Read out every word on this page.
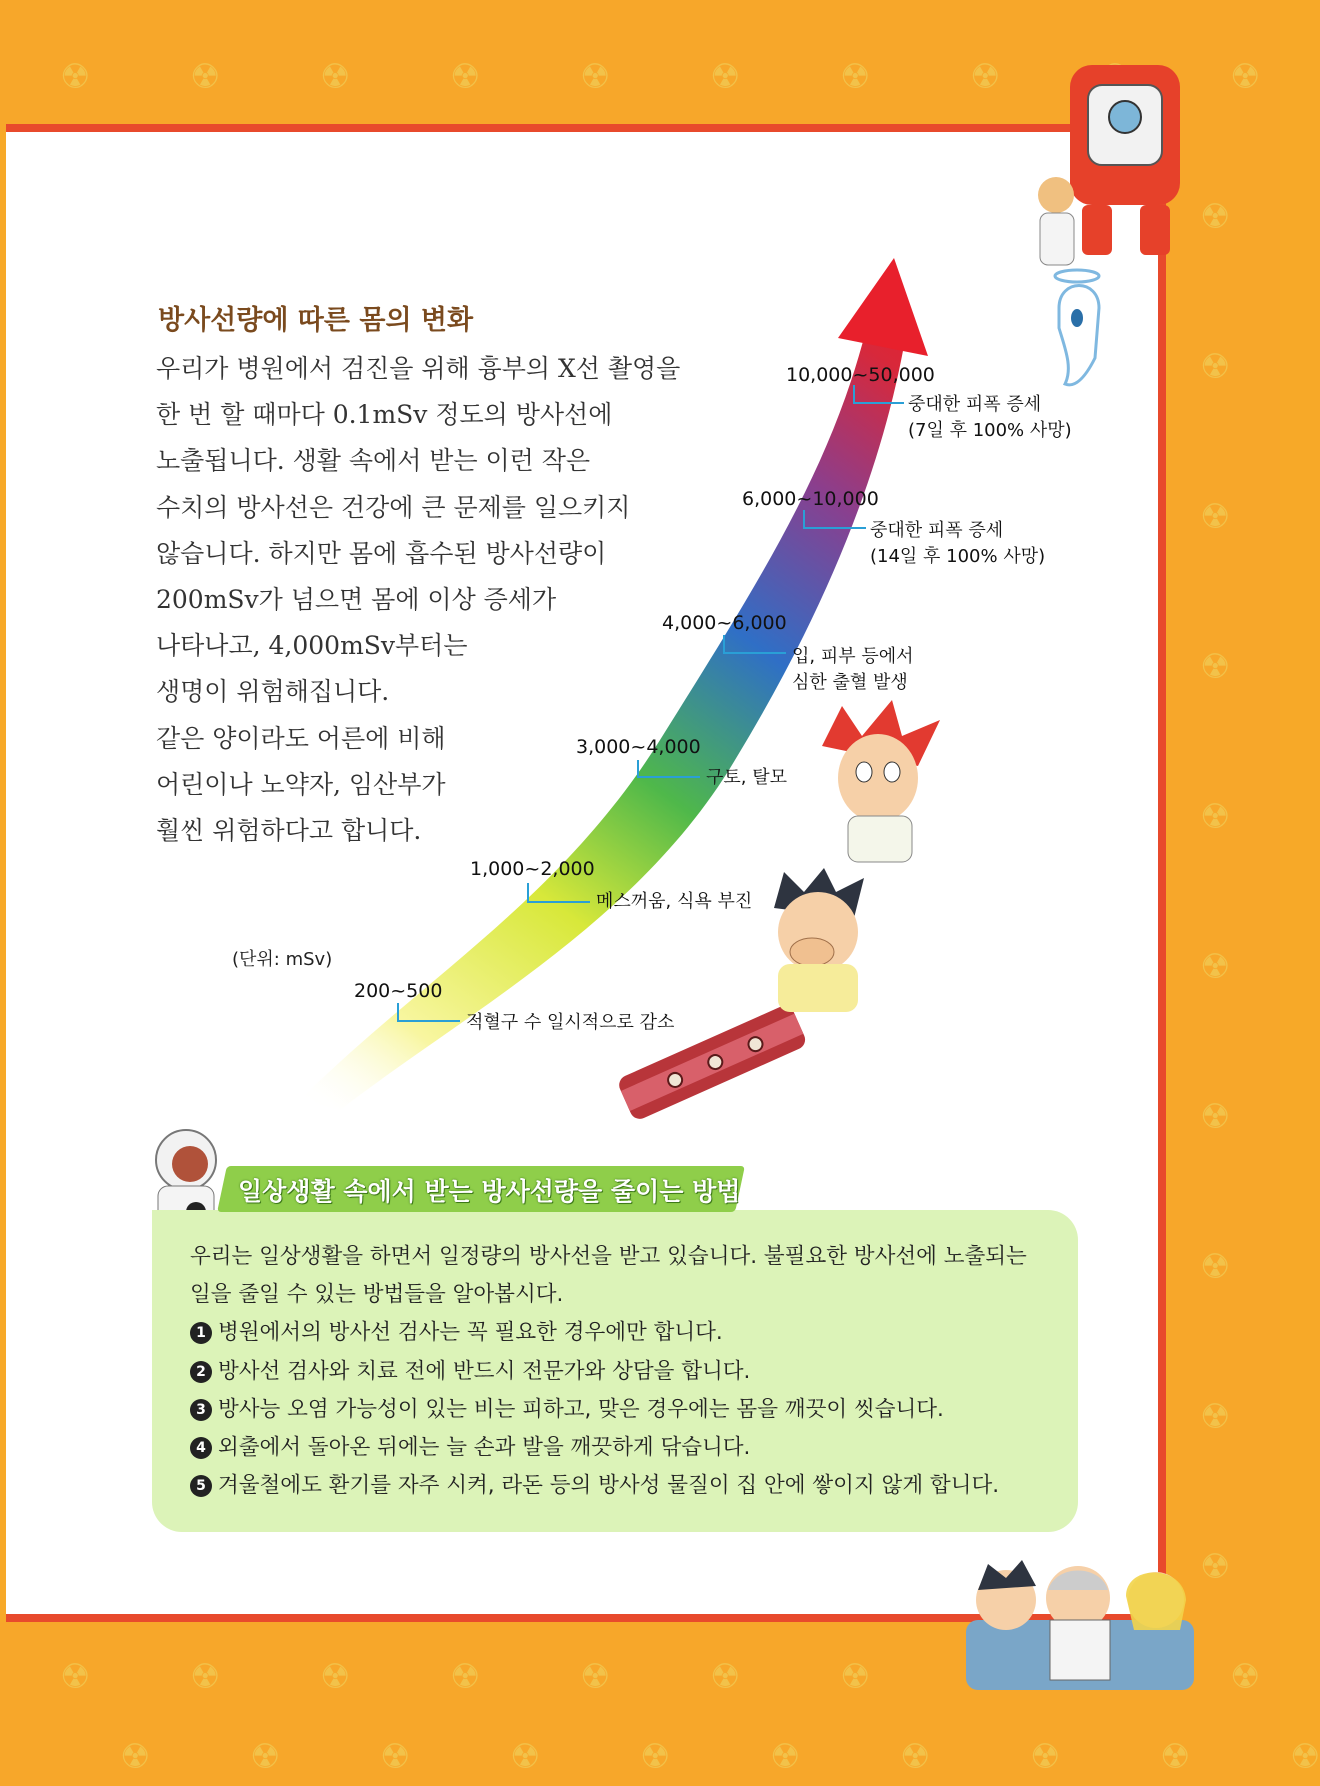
☢
☢
☢
☢
☢
☢
☢
☢
☢
☢
☢
☢
☢
☢
☢
☢
☢
☢
☢
☢
☢
☢
☢	☢
☢
☢
☢
☢
☢
☢
☢
☢
☢
☢
☢
☢
☢
방사선량에 따른 몸의 변화
우리가 병원에서 검진을 위해 흉부의 X선 촬영을
한 번 할 때마다 0.1mSv 정도의 방사선에
노출됩니다. 생활 속에서 받는 이런 작은
수치의 방사선은 건강에 큰 문제를 일으키지
않습니다. 하지만 몸에 흡수된 방사선량이
200mSv가 넘으면 몸에 이상 증세가
나타나고, 4,000mSv부터는
생명이 위험해집니다.
같은 양이라도 어른에 비해
어린이나 노약자, 임산부가
훨씬 위험하다고 합니다.
(단위: mSv)
200~500
적혈구 수 일시적으로 감소
1,000~2,000
메스꺼움, 식욕 부진
3,000~4,000
구토, 탈모
4,000~6,000
입, 피부 등에서
심한 출혈 발생
6,000~10,000
중대한 피폭 증세
(14일 후 100% 사망)
10,000~50,000
중대한 피폭 증세
(7일 후 100% 사망)
일상생활 속에서 받는 방사선량을 줄이는 방법
우리는 일상생활을 하면서 일정량의 방사선을 받고 있습니다. 불필요한 방사선에 노출되는
일을 줄일 수 있는 방법들을 알아봅시다.
1 병원에서의 방사선 검사는 꼭 필요한 경우에만 합니다.
2 방사선 검사와 치료 전에 반드시 전문가와 상담을 합니다.
3 방사능 오염 가능성이 있는 비는 피하고, 맞은 경우에는 몸을 깨끗이 씻습니다.
4 외출에서 돌아온 뒤에는 늘 손과 발을 깨끗하게 닦습니다.
5 겨울철에도 환기를 자주 시켜, 라돈 등의 방사성 물질이 집 안에 쌓이지 않게 합니다.
